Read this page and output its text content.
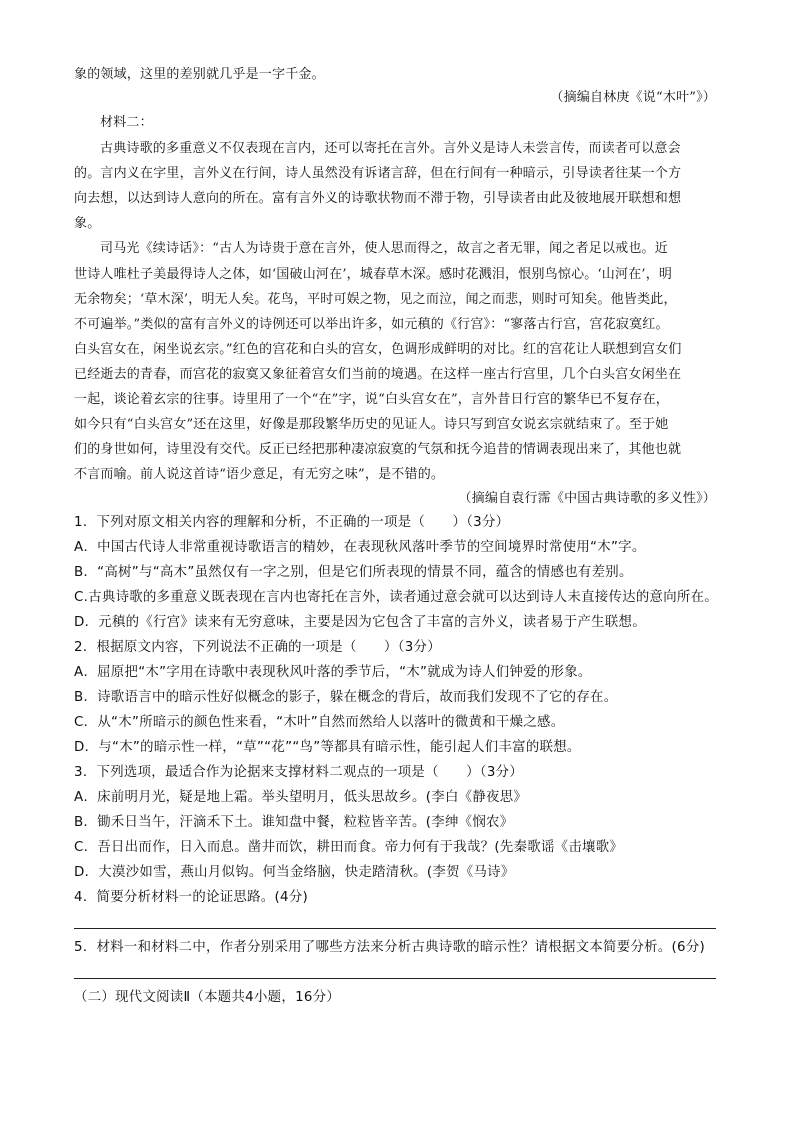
象的领域，这里的差别就几乎是一字千金。
（摘编自林庚《说“木叶”》）
材料二：
古典诗歌的多重意义不仅表现在言内，还可以寄托在言外。言外义是诗人未尝言传，而读者可以意会
的。言内义在字里，言外义在行间，诗人虽然没有诉诸言辞，但在行间有一种暗示，引导读者往某一个方
向去想，以达到诗人意向的所在。富有言外义的诗歌状物而不滞于物，引导读者由此及彼地展开联想和想
象。
司马光《续诗话》：“古人为诗贵于意在言外，使人思而得之，故言之者无罪，闻之者足以戒也。近
世诗人唯杜子美最得诗人之体，如‘国破山河在’，城春草木深。感时花溅泪，恨别鸟惊心。‘山河在’，明
无余物矣；‘草木深’，明无人矣。花鸟，平时可娱之物，见之而泣，闻之而悲，则时可知矣。他皆类此，
不可遍举。”类似的富有言外义的诗例还可以举出许多，如元稹的《行宫》：“寥落古行宫，宫花寂寞红。
白头宫女在，闲坐说玄宗。”红色的宫花和白头的宫女，色调形成鲜明的对比。红的宫花让人联想到宫女们
已经逝去的青春，而宫花的寂寞又象征着宫女们当前的境遇。在这样一座古行宫里，几个白头宫女闲坐在
一起，谈论着玄宗的往事。诗里用了一个“在”字，说“白头宫女在”，言外昔日行宫的繁华已不复存在，
如今只有“白头宫女”还在这里，好像是那段繁华历史的见证人。诗只写到宫女说玄宗就结束了。至于她
们的身世如何，诗里没有交代。反正已经把那种凄凉寂寞的气氛和抚今追昔的情调表现出来了，其他也就
不言而喻。前人说这首诗“语少意足，有无穷之味”，是不错的。
（摘编自袁行霈《中国古典诗歌的多义性》）
1．下列对原文相关内容的理解和分析，不正确的一项是（　　）（3分）
A．中国古代诗人非常重视诗歌语言的精妙，在表现秋风落叶季节的空间境界时常使用“木”字。
B．“高树”与“高木”虽然仅有一字之别，但是它们所表现的情景不同，蕴含的情感也有差别。
C.古典诗歌的多重意义既表现在言内也寄托在言外，读者通过意会就可以达到诗人未直接传达的意向所在。
D．元稹的《行宫》读来有无穷意味，主要是因为它包含了丰富的言外义，读者易于产生联想。
2．根据原文内容，下列说法不正确的一项是（　　）（3分）
A．屈原把“木”字用在诗歌中表现秋风叶落的季节后，“木”就成为诗人们钟爱的形象。
B．诗歌语言中的暗示性好似概念的影子，躲在概念的背后，故而我们发现不了它的存在。
C．从“木”所暗示的颜色性来看，“木叶”自然而然给人以落叶的微黄和干燥之感。
D．与“木”的暗示性一样，“草”“花”“鸟”等都具有暗示性，能引起人们丰富的联想。
3．下列选项，最适合作为论据来支撑材料二观点的一项是（　　）（3分）
A．床前明月光，疑是地上霜。举头望明月，低头思故乡。(李白《静夜思》
B．锄禾日当午，汗滴禾下土。谁知盘中餐，粒粒皆辛苦。(李绅《悯农》
C．吾日出而作，日入而息。凿井而饮，耕田而食。帝力何有于我哉？(先秦歌谣《击壤歌》
D．大漠沙如雪，燕山月似钩。何当金络脑，快走踏清秋。(李贺《马诗》
4．简要分析材料一的论证思路。(4分)
5．材料一和材料二中，作者分别采用了哪些方法来分析古典诗歌的暗示性？请根据文本简要分析。(6分)
（二）现代文阅读Ⅱ（本题共4小题，16分）
